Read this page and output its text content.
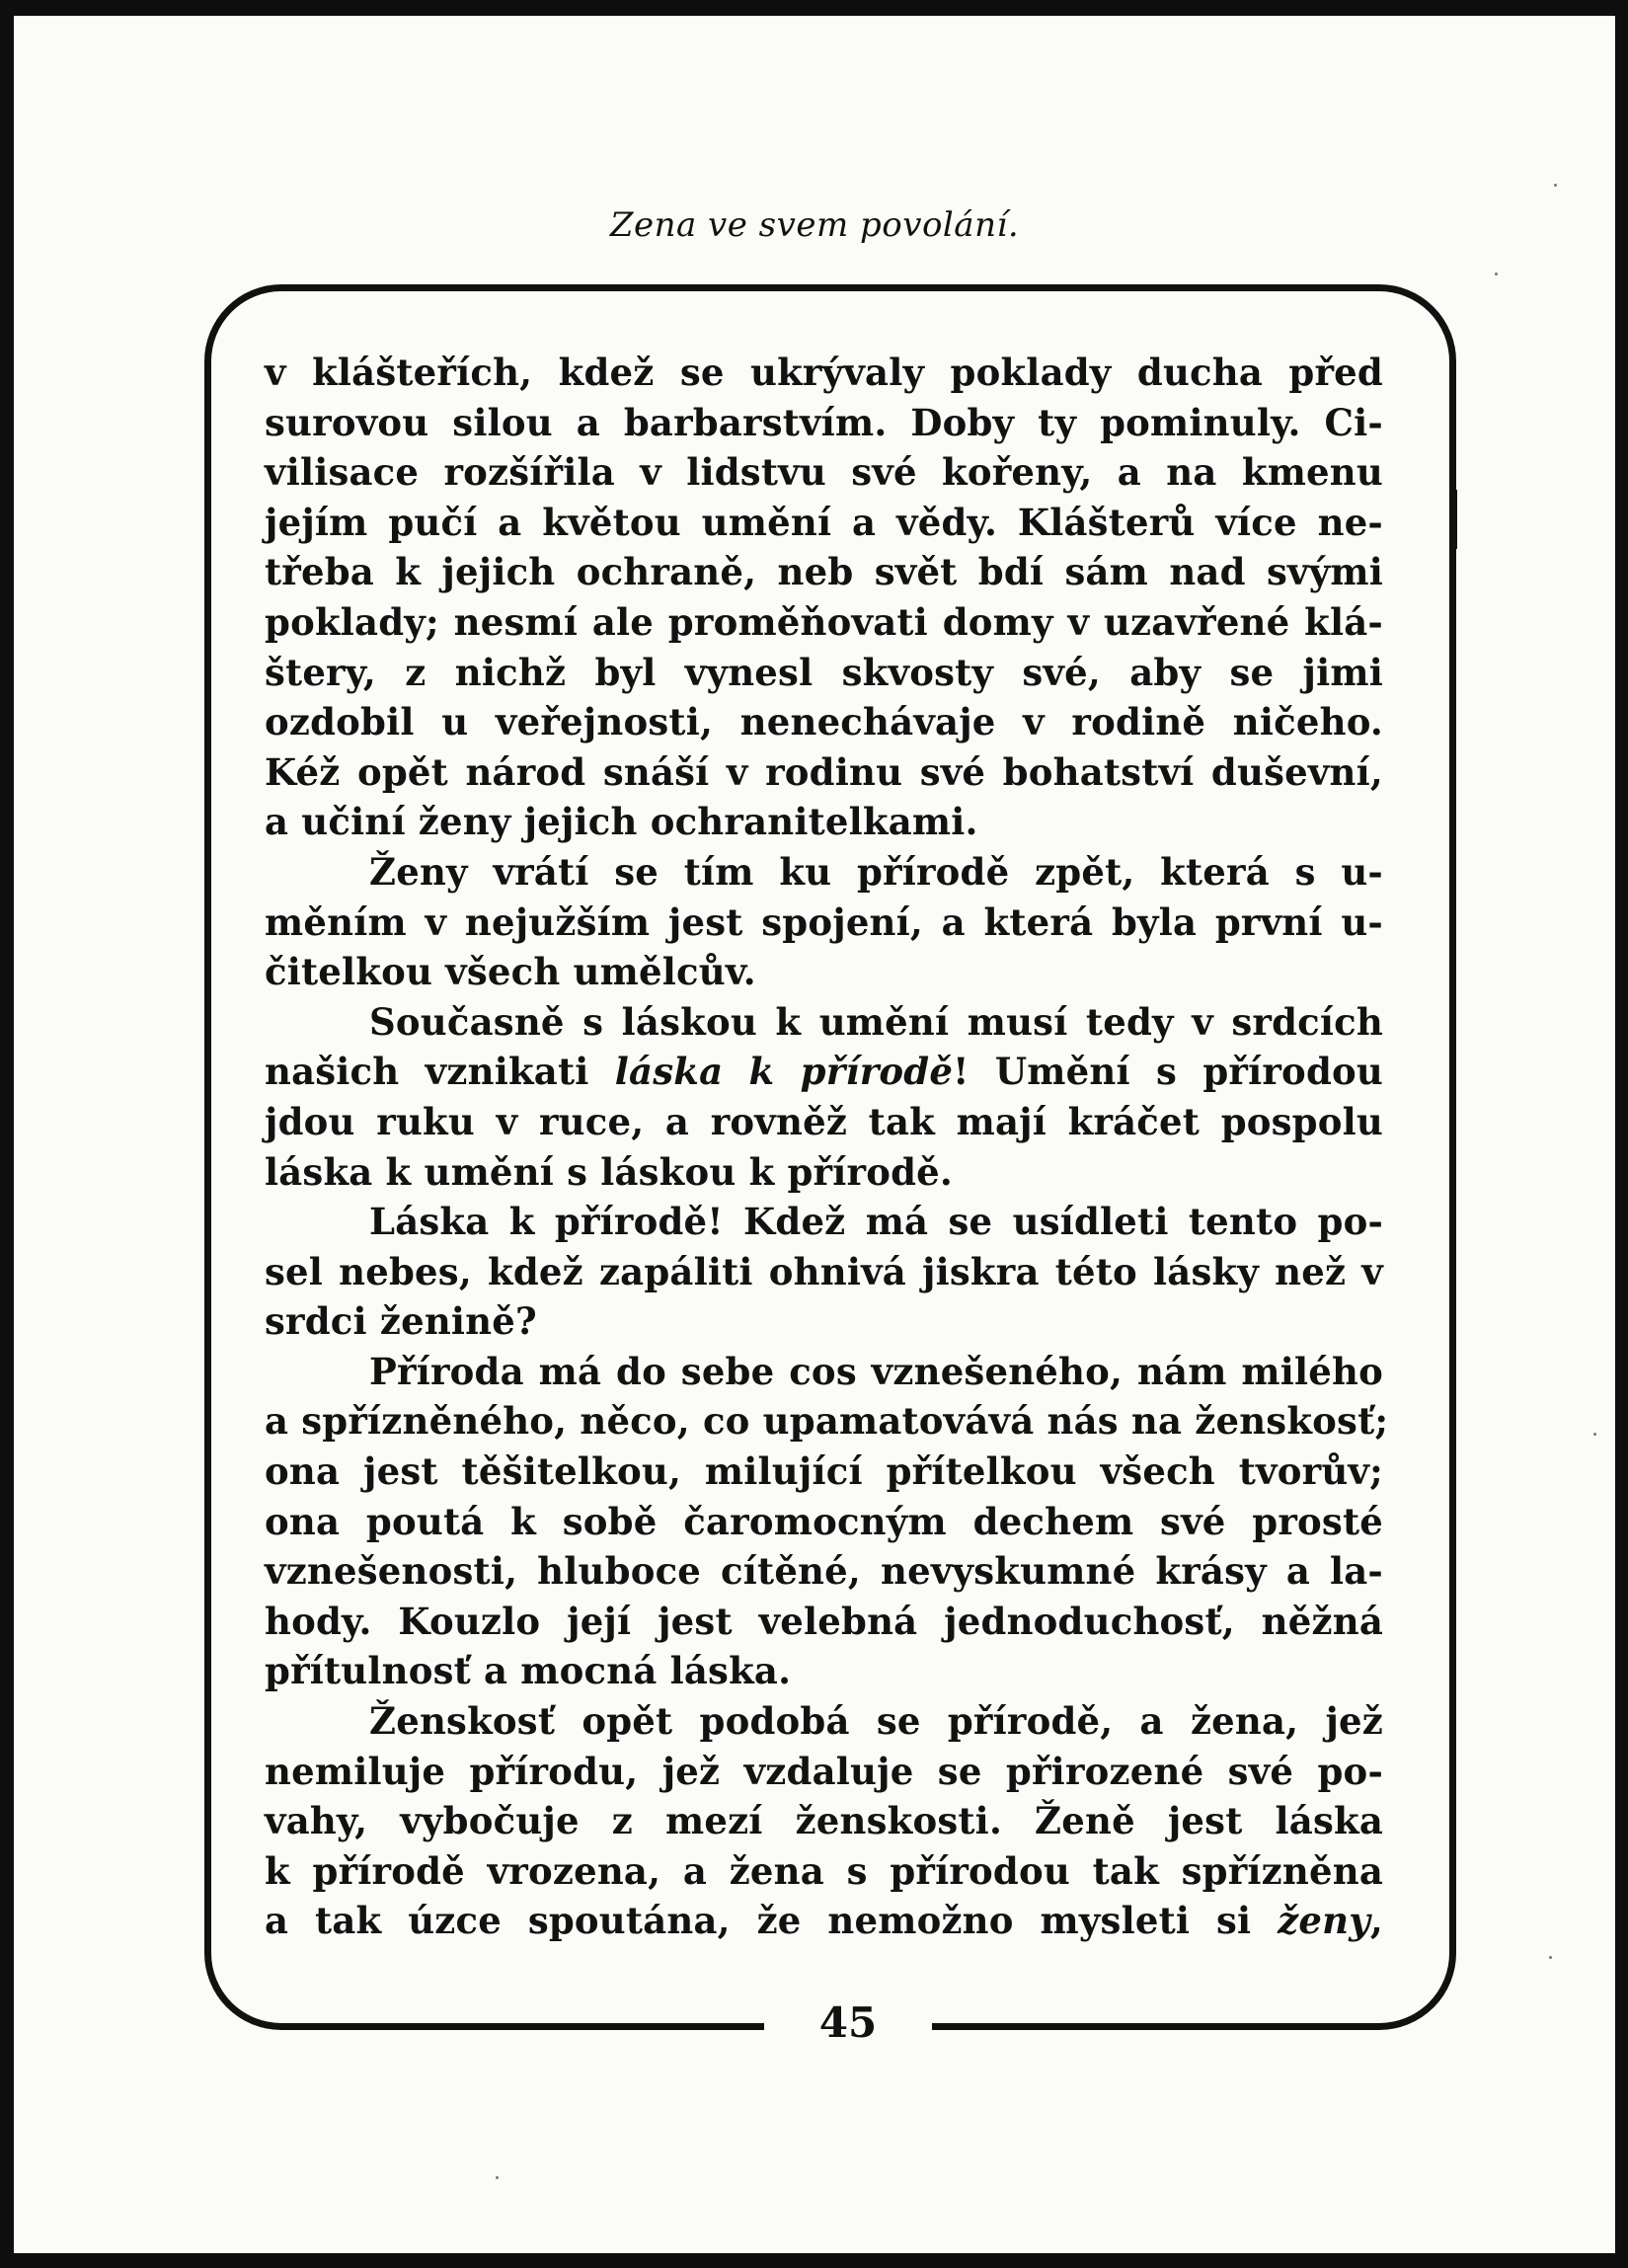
Zena ve svem povolání.
45
v klášteřích, kdež se ukrývaly poklady ducha před
surovou silou a barbarstvím. Doby ty pominuly. Ci-
vilisace rozšířila v lidstvu své kořeny, a na kmenu
jejím pučí a květou umění a vědy. Klášterů více ne-
třeba k jejich ochraně, neb svět bdí sám nad svými
poklady; nesmí ale proměňovati domy v uzavřené klá-
štery, z nichž byl vynesl skvosty své, aby se jimi
ozdobil u veřejnosti, nenechávaje v rodině ničeho.
Kéž opět národ snáší v rodinu své bohatství duševní,
a učiní ženy jejich ochranitelkami.
Ženy vrátí se tím ku přírodě zpět, která s u-
měním v nejužším jest spojení, a která byla první u-
čitelkou všech umělcův.
Současně s láskou k umění musí tedy v srdcích
našich vznikati láska k přírodě! Umění s přírodou
jdou ruku v ruce, a rovněž tak mají kráčet pospolu
láska k umění s láskou k přírodě.
Láska k přírodě! Kdež má se usídleti tento po-
sel nebes, kdež zapáliti ohnivá jiskra této lásky než v
srdci ženině?
Příroda má do sebe cos vznešeného, nám milého
a spřízněného, něco, co upamatovává nás na ženskosť;
ona jest těšitelkou, milující přítelkou všech tvorův;
ona poutá k sobě čaromocným dechem své prosté
vznešenosti, hluboce cítěné, nevyskumné krásy a la-
hody. Kouzlo její jest velebná jednoduchosť, něžná
přítulnosť a mocná láska.
Ženskosť opět podobá se přírodě, a žena, jež
nemiluje přírodu, jež vzdaluje se přirozené své po-
vahy, vybočuje z mezí ženskosti. Ženě jest láska
k přírodě vrozena, a žena s přírodou tak spřízněna
a tak úzce spoutána, že nemožno mysleti si ženy,
